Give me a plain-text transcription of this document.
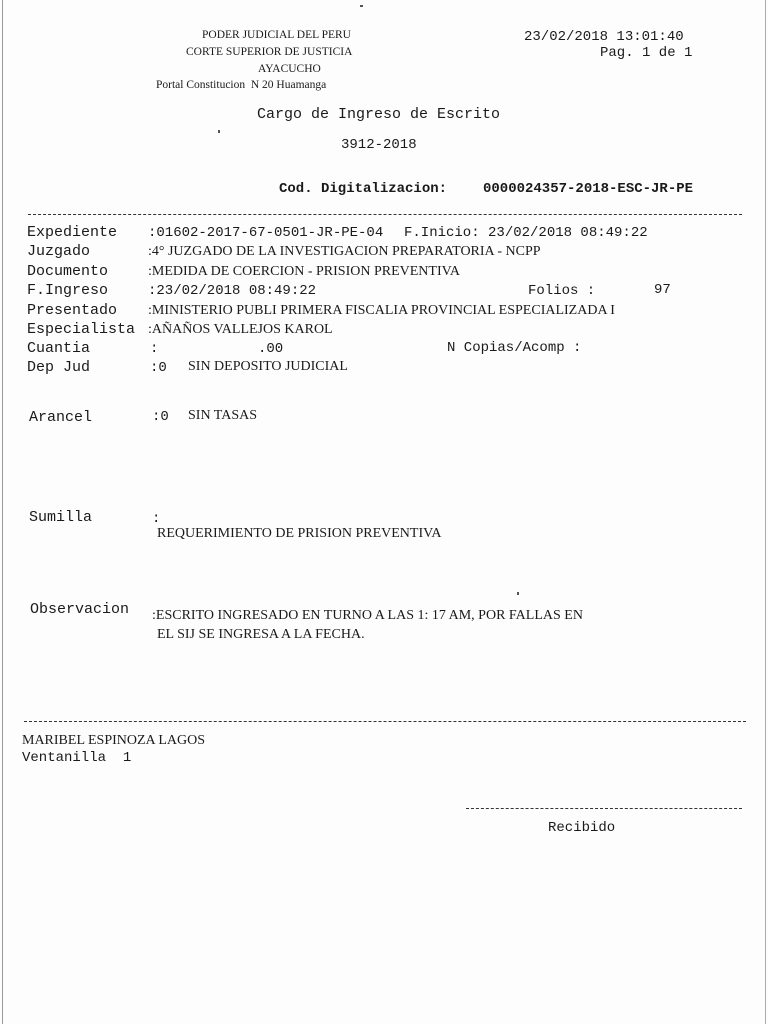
PODER JUDICIAL DEL PERU
CORTE SUPERIOR DE JUSTICIA
AYACUCHO
Portal Constitucion  N 20 Huamanga
23/02/2018 13:01:40
Pag. 1 de 1
Cargo de Ingreso de Escrito
3912-2018
Cod. Digitalizacion:	0000024357-2018-ESC-JR-PE
Expediente :01602-2017-67-0501-JR-PE-04 F.Inicio: 23/02/2018 08:49:22
Juzgado	:4° JUZGADO DE LA INVESTIGACION PREPARATORIA - NCPP
Documento	:MEDIDA DE COERCION - PRISION PREVENTIVA
F.Ingreso	:23/02/2018 08:49:22	Folios :	97
Presentado :MINISTERIO PUBLI PRIMERA FISCALIA PROVINCIAL ESPECIALIZADA I
Especialista :AÑAÑOS VALLEJOS KAROL
Cuantia	:	.00	N Copias/Acomp :
Dep Jud	:0 SIN DEPOSITO JUDICIAL
Arancel	:0 SIN TASAS
Sumilla	:
REQUERIMIENTO DE PRISION PREVENTIVA
Observacion :ESCRITO INGRESADO EN TURNO A LAS 1: 17 AM, POR FALLAS EN
EL SIJ SE INGRESA A LA FECHA.
MARIBEL ESPINOZA LAGOS
Ventanilla  1
Recibido
